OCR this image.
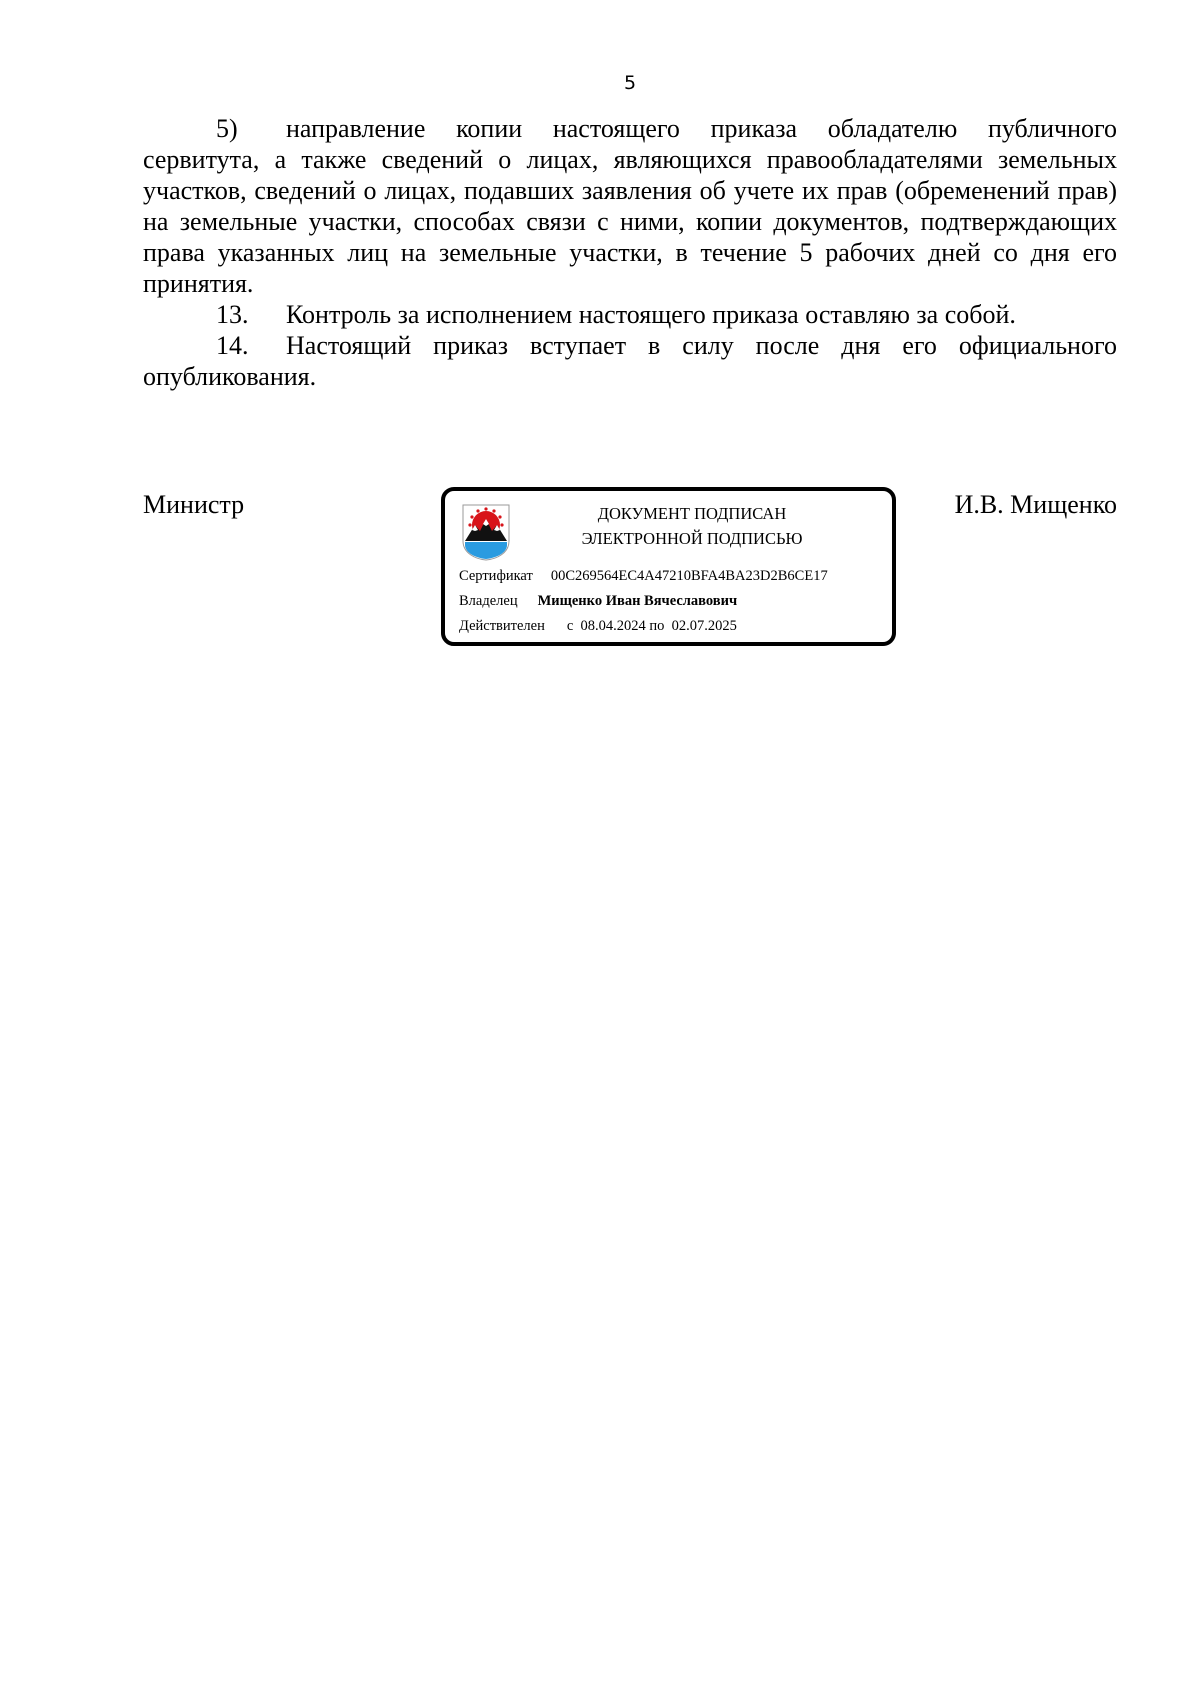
5

5) направление копии настоящего приказа обладателю публичного сервитута, а также сведений о лицах, являющихся правообладателями земельных участков, сведений о лицах, подавших заявления об учете их прав (обременений прав) на земельные участки, способах связи с ними, копии документов, подтверждающих права указанных лиц на земельные участки, в течение 5 рабочих дней со дня его принятия.

13. Контроль за исполнением настоящего приказа оставляю за собой.

14. Настоящий приказ вступает в силу после дня его официального опубликования.

Министр	ДОКУМЕНТ ПОДПИСАН
ЭЛЕКТРОННОЙ ПОДПИСЬЮ
Сертификат 00C269564EC4A47210BFA4BA23D2B6CE17
Владелец Мищенко Иван Вячеславович
Действителен с  08.04.2024 по  02.07.2025
И.В. Мищенко
